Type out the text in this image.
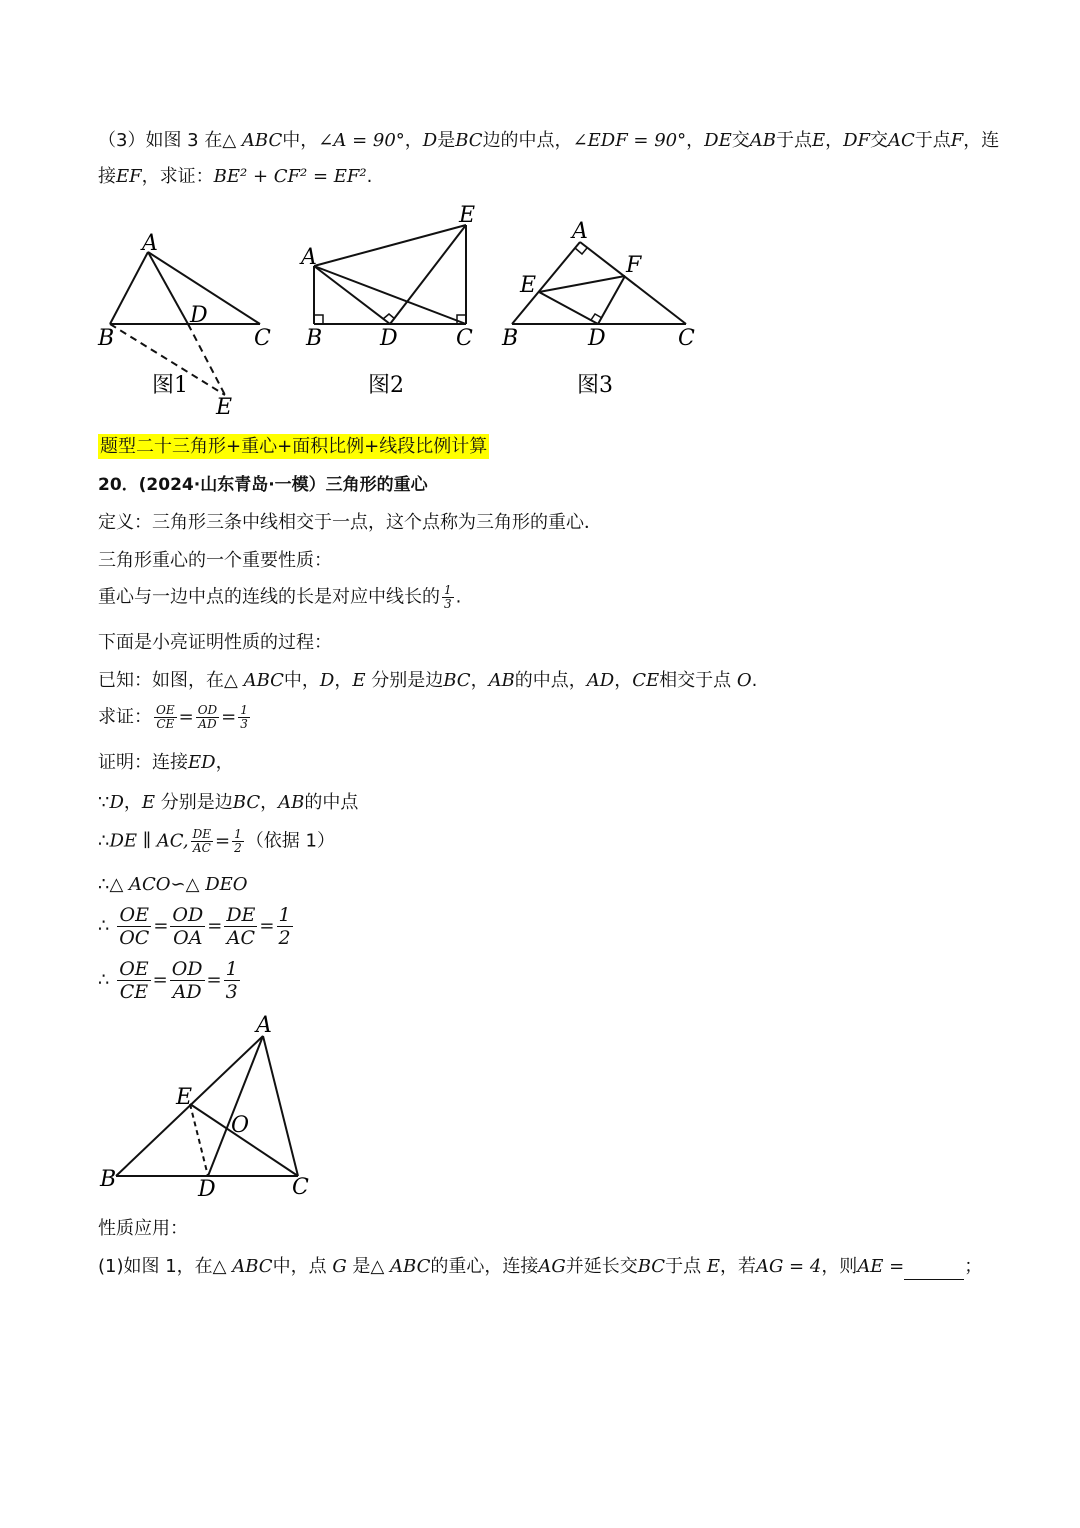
（3）如图 3 在△ ABC中，∠A = 90°，D是BC边的中点，∠EDF = 90°，DE交AB于点E，DF交AC于点F，连
接EF，求证：BE² + CF² = EF².
A
B	C
D
E
图1
A
B	C
D
E
图2
A
B	C
D
E
F
图3
题型二十三角形+重心+面积比例+线段比例计算
20．(2024·山东青岛·一模）三角形的重心
定义：三角形三条中线相交于一点，这个点称为三角形的重心．
三角形重心的一个重要性质：
重心与一边中点的连线的长是对应中线长的 $\frac{1}{3}$ .
下面是小亮证明性质的过程：
已知：如图，在△ ABC中，D，E 分别是边BC，AB的中点，AD，CE相交于点 O.
求证： $\frac{OE}{CE} = \frac{OD}{AD} = \frac{1}{3}$
证明：连接ED，
∵D，E 分别是边BC，AB的中点
∴DE ∥ AC, $\frac{DE}{AC} = \frac{1}{2}$ （依据 1）
∴△ ACO∽△ DEO
∴ $\frac{OE}{OC} = \frac{OD}{OA} = \frac{DE}{AC} = \frac{1}{2}$
∴ $\frac{OE}{CE} = \frac{OD}{AD} = \frac{1}{3}$
A
B	C
D
E
O
性质应用：
(1)如图 1，在△ ABC中，点 G 是△ ABC的重心，连接AG并延长交BC于点 E，若AG = 4，则AE =	；
